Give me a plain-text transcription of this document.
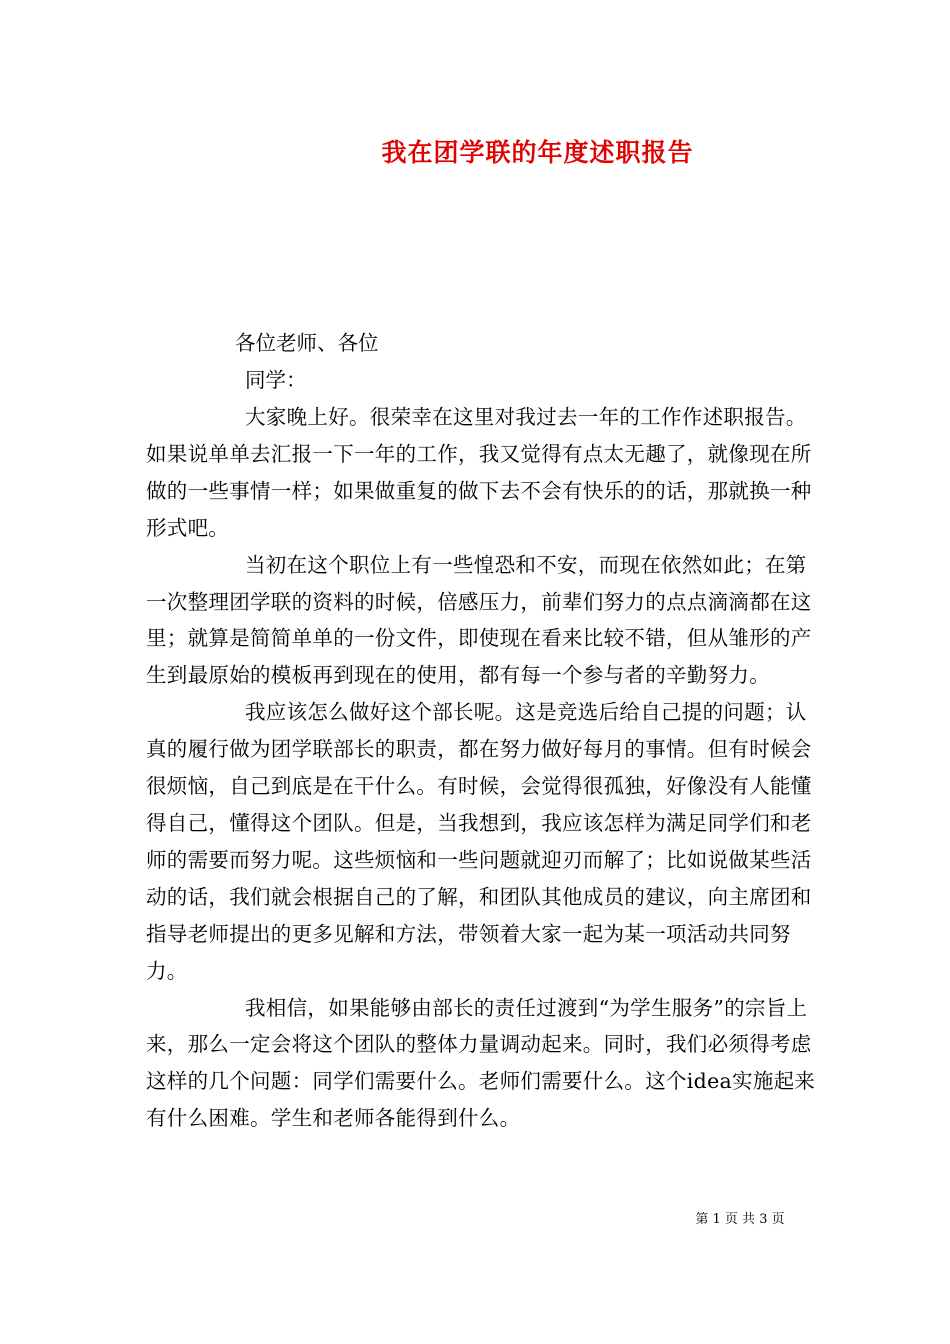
我在团学联的年度述职报告

各位老师、各位

同学：

大家晚上好。很荣幸在这里对我过去一年的工作作述职报告。如果说单单去汇报一下一年的工作，我又觉得有点太无趣了，就像现在所做的一些事情一样；如果做重复的做下去不会有快乐的的话，那就换一种形式吧。

当初在这个职位上有一些惶恐和不安，而现在依然如此；在第一次整理团学联的资料的时候，倍感压力，前辈们努力的点点滴滴都在这里；就算是简简单单的一份文件，即使现在看来比较不错，但从雏形的产生到最原始的模板再到现在的使用，都有每一个参与者的辛勤努力。

我应该怎么做好这个部长呢。这是竞选后给自己提的问题；认真的履行做为团学联部长的职责，都在努力做好每月的事情。但有时候会很烦恼，自己到底是在干什么。有时候，会觉得很孤独，好像没有人能懂得自己，懂得这个团队。但是，当我想到，我应该怎样为满足同学们和老师的需要而努力呢。这些烦恼和一些问题就迎刃而解了；比如说做某些活动的话，我们就会根据自己的了解，和团队其他成员的建议，向主席团和指导老师提出的更多见解和方法，带领着大家一起为某一项活动共同努力。

我相信，如果能够由部长的责任过渡到“为学生服务”的宗旨上来，那么一定会将这个团队的整体力量调动起来。同时，我们必须得考虑这样的几个问题：同学们需要什么。老师们需要什么。这个idea实施起来有什么困难。学生和老师各能得到什么。

第 1 页 共 3 页
